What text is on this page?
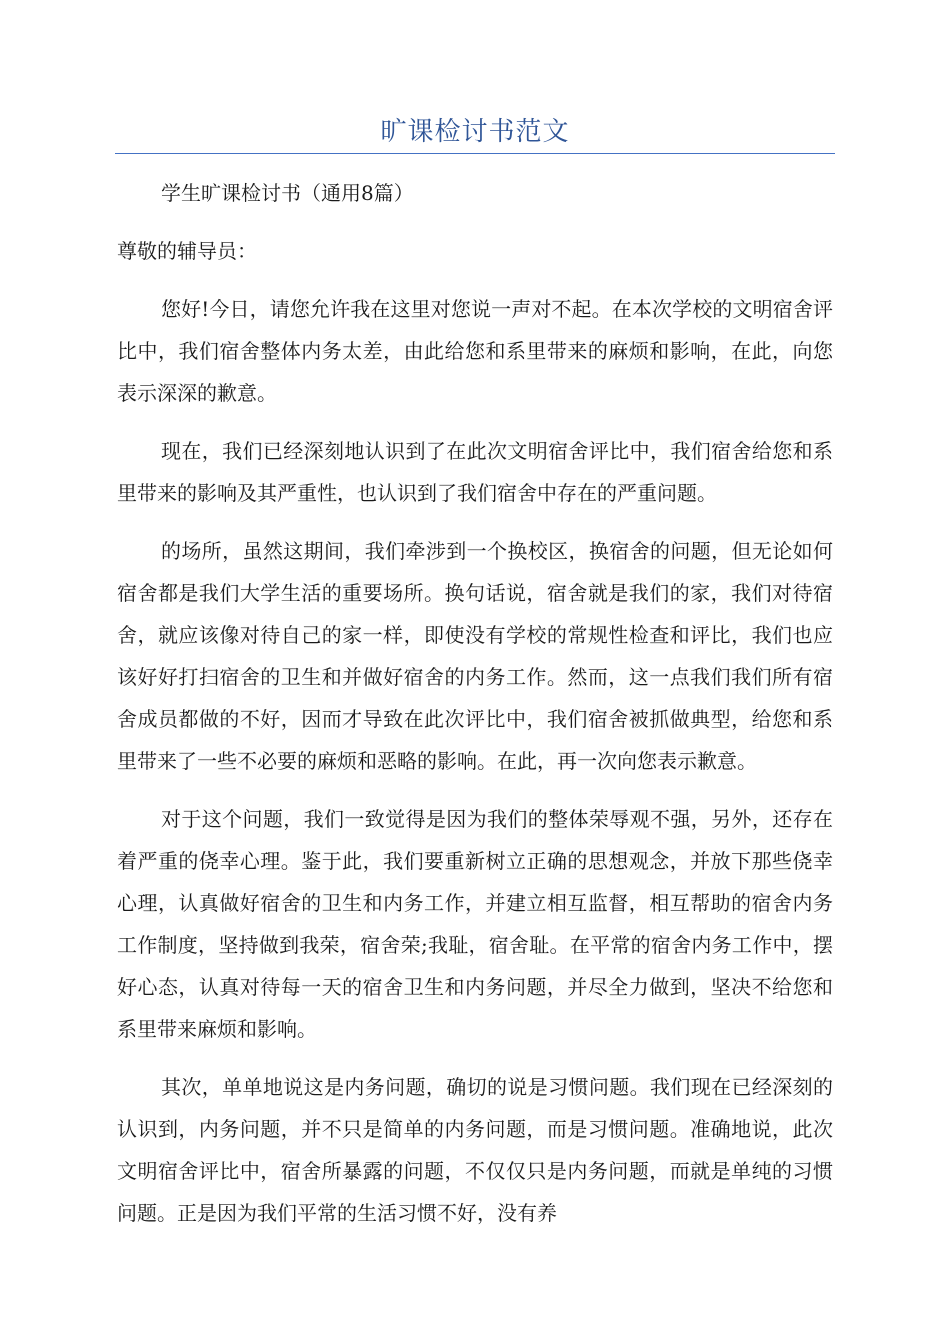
旷课检讨书范文

学生旷课检讨书（通用8篇）

尊敬的辅导员：

您好!今日，请您允许我在这里对您说一声对不起。在本次学校的文明宿舍评比中，我们宿舍整体内务太差，由此给您和系里带来的麻烦和影响，在此，向您表示深深的歉意。

现在，我们已经深刻地认识到了在此次文明宿舍评比中，我们宿舍给您和系里带来的影响及其严重性，也认识到了我们宿舍中存在的严重问题。

的场所，虽然这期间，我们牵涉到一个换校区，换宿舍的问题，但无论如何宿舍都是我们大学生活的重要场所。换句话说，宿舍就是我们的家，我们对待宿舍，就应该像对待自己的家一样，即使没有学校的常规性检查和评比，我们也应该好好打扫宿舍的卫生和并做好宿舍的内务工作。然而，这一点我们我们所有宿舍成员都做的不好，因而才导致在此次评比中，我们宿舍被抓做典型，给您和系里带来了一些不必要的麻烦和恶略的影响。在此，再一次向您表示歉意。

对于这个问题，我们一致觉得是因为我们的整体荣辱观不强，另外，还存在着严重的侥幸心理。鉴于此，我们要重新树立正确的思想观念，并放下那些侥幸心理，认真做好宿舍的卫生和内务工作，并建立相互监督，相互帮助的宿舍内务工作制度，坚持做到我荣，宿舍荣;我耻，宿舍耻。在平常的宿舍内务工作中，摆好心态，认真对待每一天的宿舍卫生和内务问题，并尽全力做到，坚决不给您和系里带来麻烦和影响。

其次，单单地说这是内务问题，确切的说是习惯问题。我们现在已经深刻的认识到，内务问题，并不只是简单的内务问题，而是习惯问题。准确地说，此次文明宿舍评比中，宿舍所暴露的问题，不仅仅只是内务问题，而就是单纯的习惯问题。正是因为我们平常的生活习惯不好，没有养
